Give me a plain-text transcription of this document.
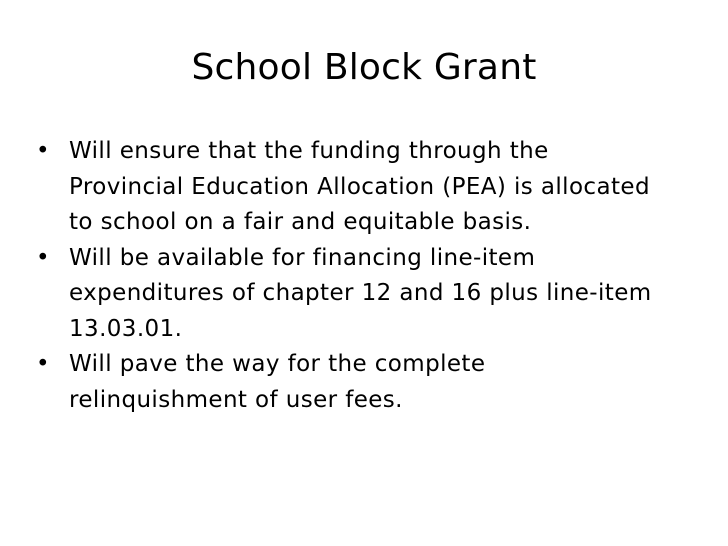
School Block Grant
• Will ensure that the funding through the Provincial Education Allocation (PEA) is allocated to school on a fair and equitable basis.
• Will be available for financing line-item expenditures of chapter 12 and 16 plus line-item 13.03.01.
• Will pave the way for the complete relinquishment of user fees.
